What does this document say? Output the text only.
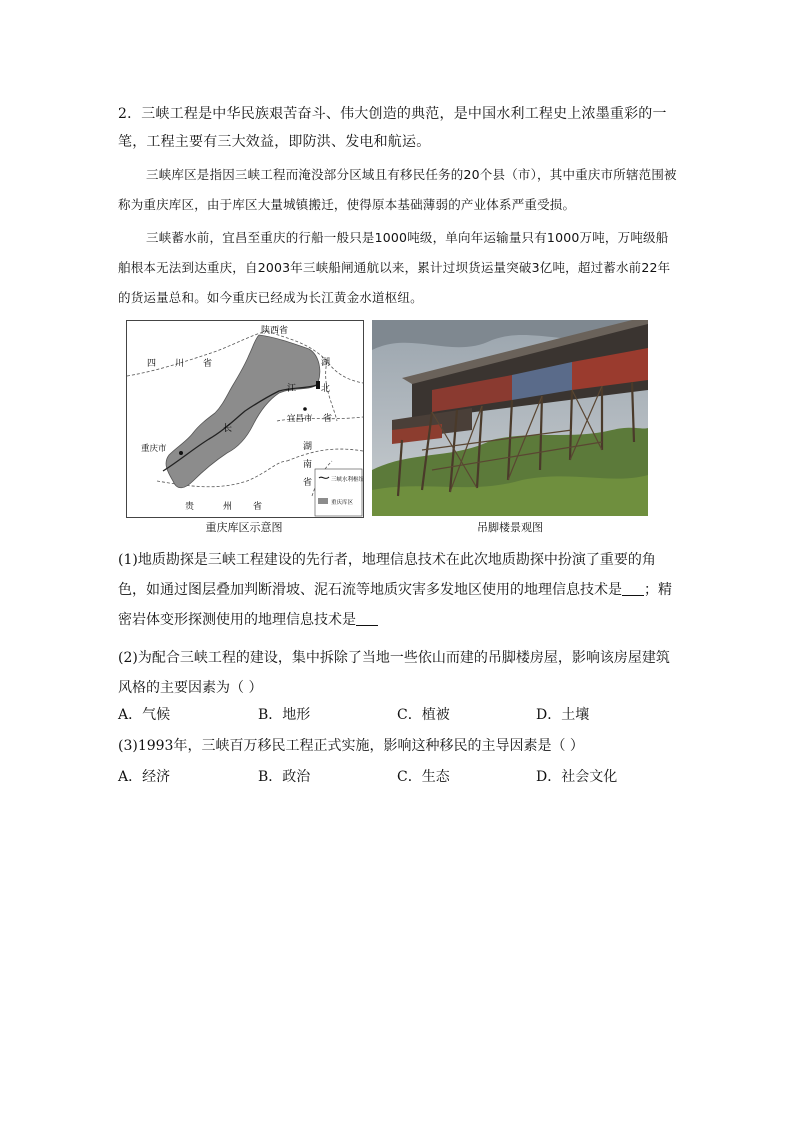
2．三峡工程是中华民族艰苦奋斗、伟大创造的典范，是中国水利工程史上浓墨重彩的一笔，工程主要有三大效益，即防洪、发电和航运。

三峡库区是指因三峡工程而淹没部分区域且有移民任务的20个县（市），其中重庆市所辖范围被称为重庆库区，由于库区大量城镇搬迁，使得原本基础薄弱的产业体系严重受损。

三峡蓄水前，宜昌至重庆的行船一般只是1000吨级，单向年运输量只有1000万吨，万吨级船舶根本无法到达重庆，自2003年三峡船闸通航以来，累计过坝货运量突破3亿吨，超过蓄水前22年的货运量总和。如今重庆已经成为长江黄金水道枢纽。

陕西省
四 川 省	湖
江	北
宜昌市 省
长
重庆市	湖
南
省
贵	州 省
三峡水利枢纽
重庆库区
重庆库区示意图	吊脚楼景观图

(1)地质勘探是三峡工程建设的先行者，地理信息技术在此次地质勘探中扮演了重要的角色，如通过图层叠加判断滑坡、泥石流等地质灾害多发地区使用的地理信息技术是 ；精密岩体变形探测使用的地理信息技术是

(2)为配合三峡工程的建设，集中拆除了当地一些依山而建的吊脚楼房屋，影响该房屋建筑风格的主要因素为（ ）

A．气候	B．地形	C．植被	D．土壤

(3)1993年，三峡百万移民工程正式实施，影响这种移民的主导因素是（ ）

A．经济	B．政治	C．生态	D．社会文化
